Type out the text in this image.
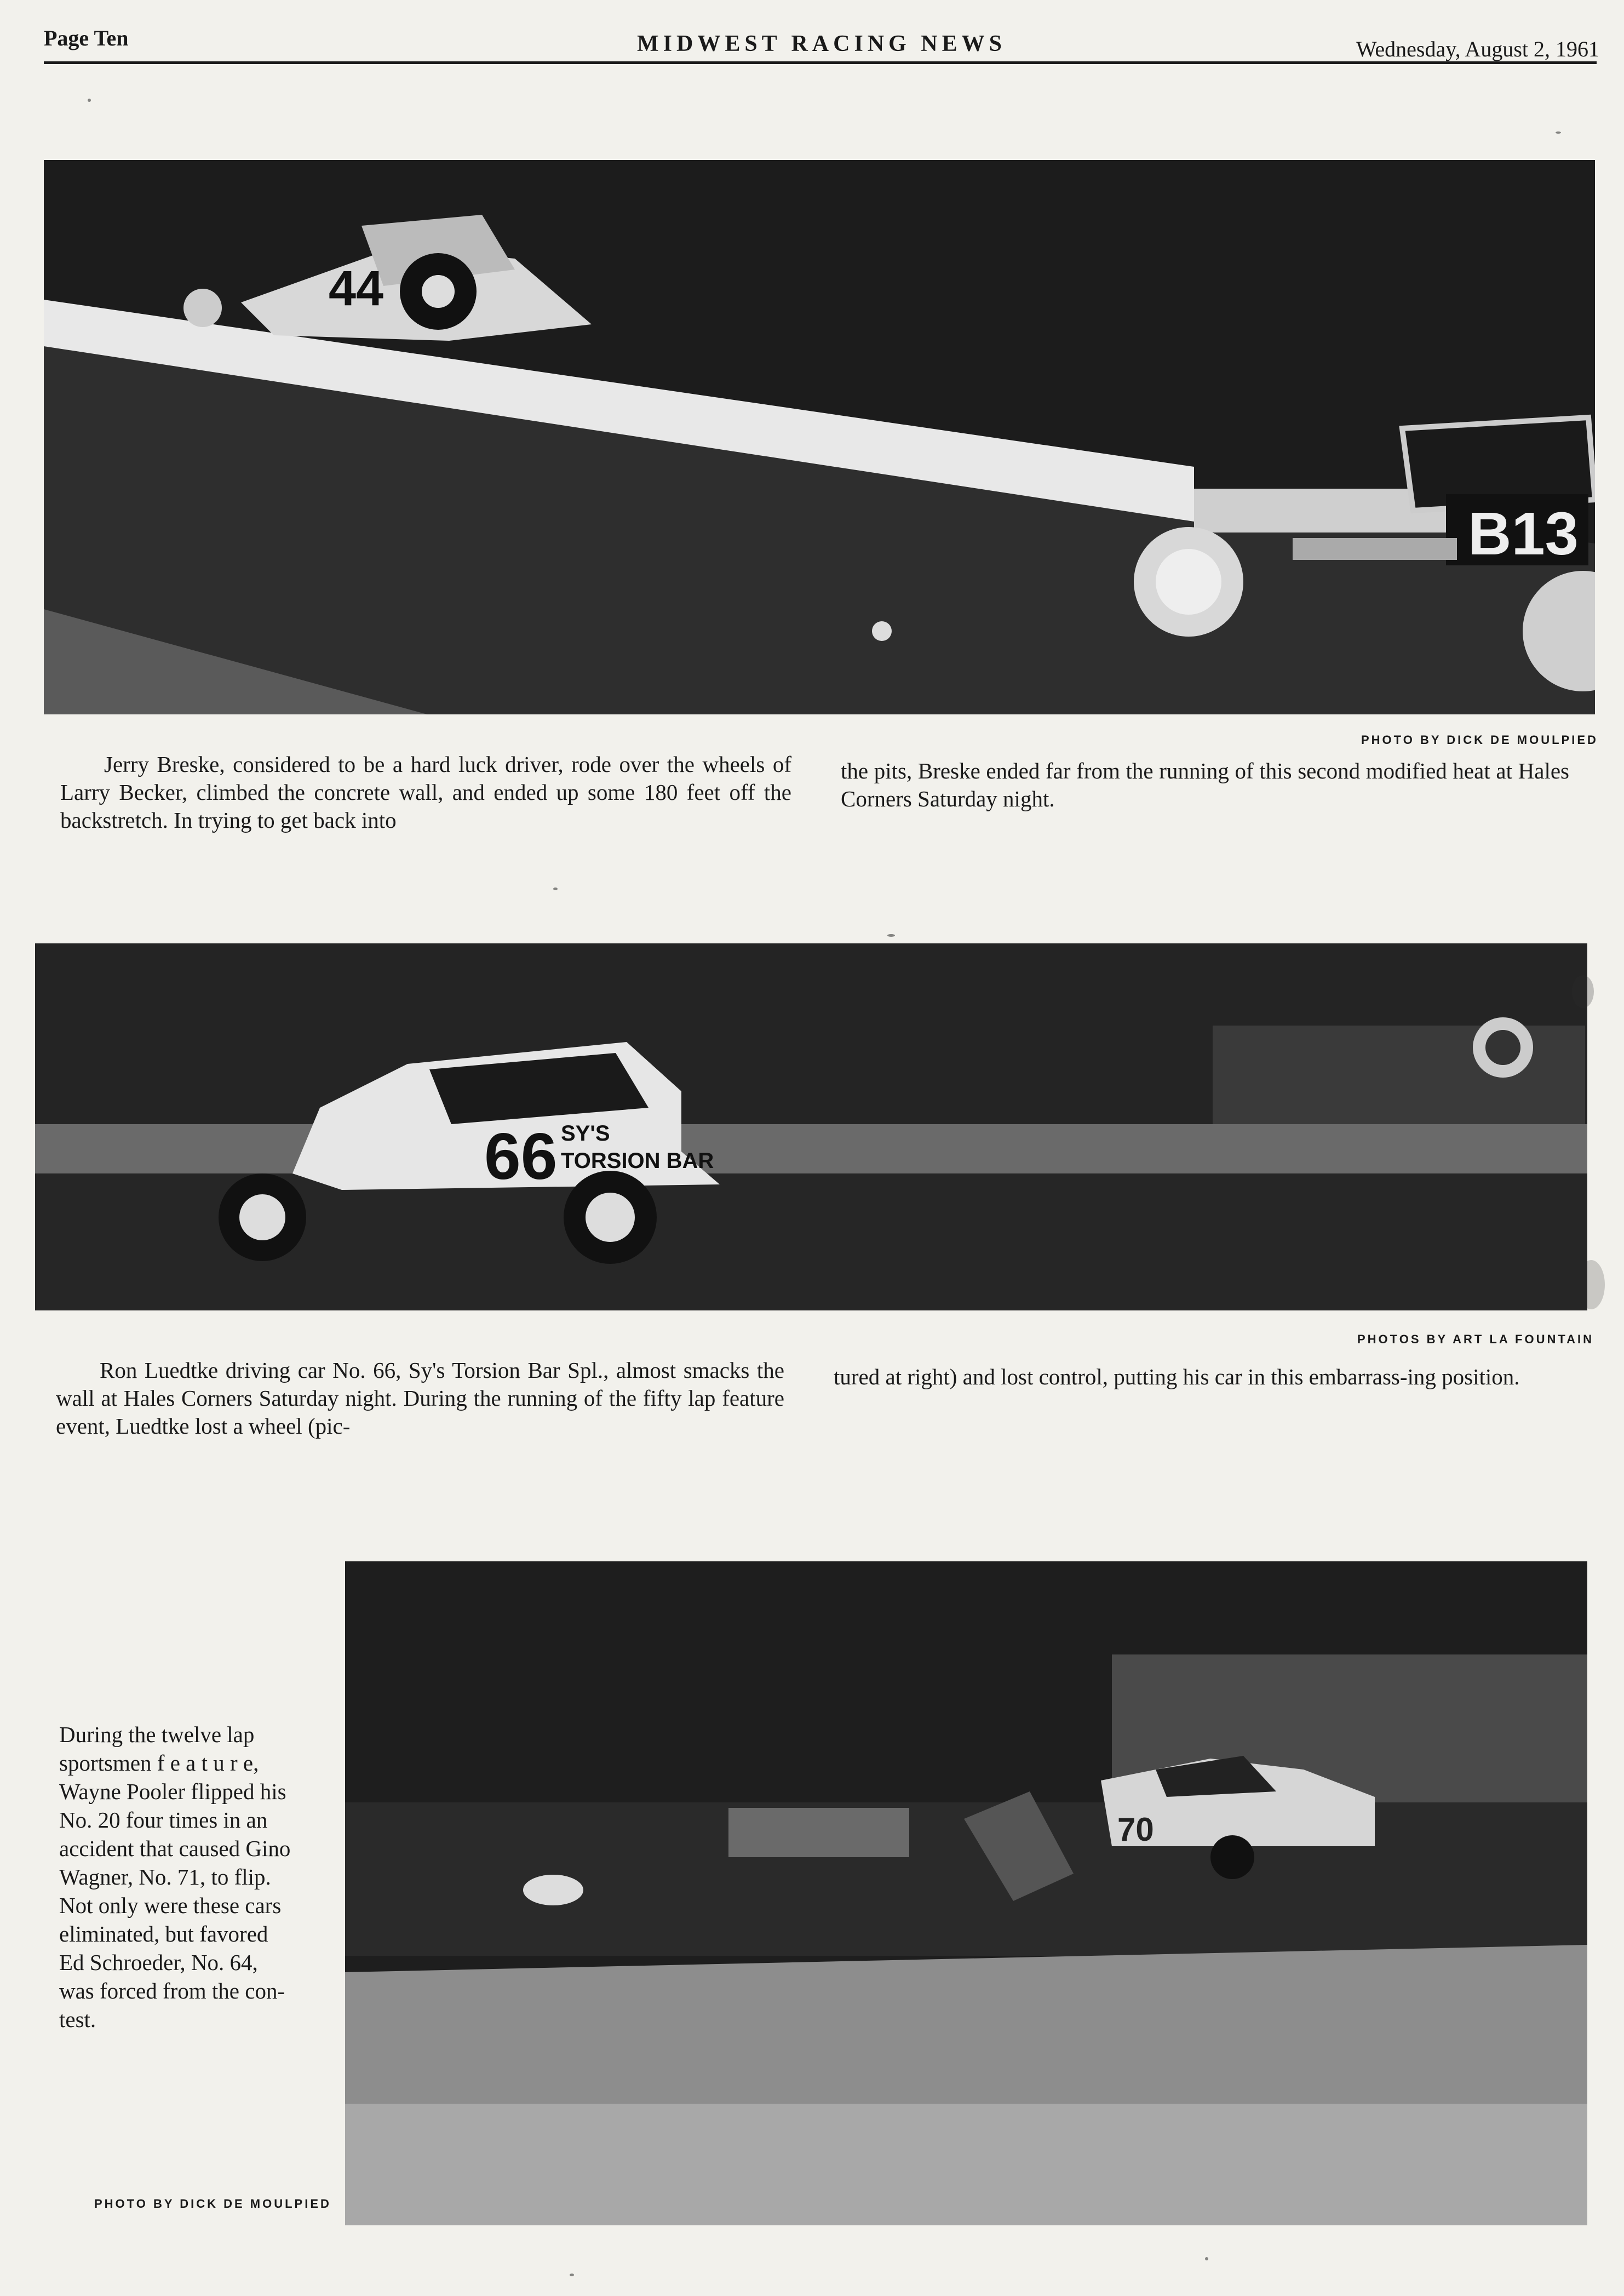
Page Ten	MIDWEST RACING NEWS	Wednesday, August 2, 1961
44
B13
PHOTO BY DICK DE MOULPIED
Jerry Breske, considered to be a hard luck driver, rode over the wheels of Larry Becker, climbed the concrete wall, and ended up some 180 feet off the backstretch. In trying to get back into
the pits, Breske ended far from the running of this second modified heat at Hales Corners Saturday night.
66 SY'S
TORSION BAR
PHOTOS BY ART LA FOUNTAIN
Ron Luedtke driving car No. 66, Sy's Torsion Bar Spl., almost smacks the wall at Hales Corners Saturday night. During the running of the fifty lap feature event, Luedtke lost a wheel (pic-
tured at right) and lost control, putting his car in this embarrass-ing position.
70
During the twelve lap
sportsmen f e a t u r e,
Wayne Pooler flipped his
No. 20 four times in an
accident that caused Gino
Wagner, No. 71, to flip.
Not only were these cars
eliminated, but favored
Ed Schroeder, No. 64,
was forced from the con-
test.
PHOTO BY DICK DE MOULPIED
